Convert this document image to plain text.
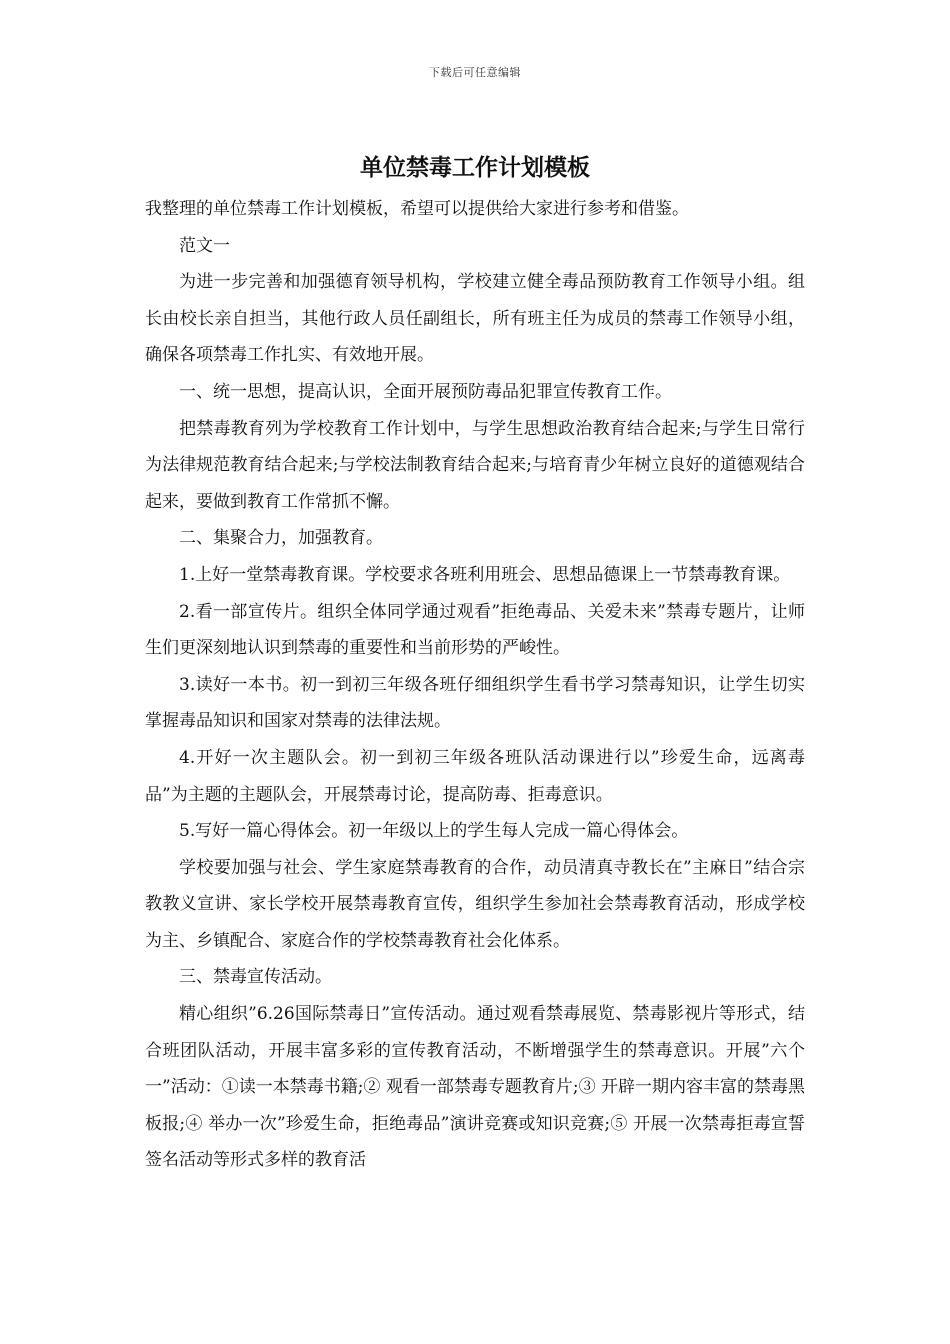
下载后可任意编辑
单位禁毒工作计划模板

我整理的单位禁毒工作计划模板，希望可以提供给大家进行参考和借鉴。

范文一

为进一步完善和加强德育领导机构，学校建立健全毒品预防教育工作领导小组。组长由校长亲自担当，其他行政人员任副组长，所有班主任为成员的禁毒工作领导小组，确保各项禁毒工作扎实、有效地开展。

一、统一思想，提高认识，全面开展预防毒品犯罪宣传教育工作。

把禁毒教育列为学校教育工作计划中，与学生思想政治教育结合起来;与学生日常行为法律规范教育结合起来;与学校法制教育结合起来;与培育青少年树立良好的道德观结合起来，要做到教育工作常抓不懈。

二、集聚合力，加强教育。

1.上好一堂禁毒教育课。学校要求各班利用班会、思想品德课上一节禁毒教育课。

2.看一部宣传片。组织全体同学通过观看”拒绝毒品、关爱未来”禁毒专题片，让师生们更深刻地认识到禁毒的重要性和当前形势的严峻性。

3.读好一本书。初一到初三年级各班仔细组织学生看书学习禁毒知识，让学生切实掌握毒品知识和国家对禁毒的法律法规。

4.开好一次主题队会。初一到初三年级各班队活动课进行以”珍爱生命，远离毒品”为主题的主题队会，开展禁毒讨论，提高防毒、拒毒意识。

5.写好一篇心得体会。初一年级以上的学生每人完成一篇心得体会。

学校要加强与社会、学生家庭禁毒教育的合作，动员清真寺教长在”主麻日”结合宗教教义宣讲、家长学校开展禁毒教育宣传，组织学生参加社会禁毒教育活动，形成学校为主、乡镇配合、家庭合作的学校禁毒教育社会化体系。

三、禁毒宣传活动。

精心组织”6.26国际禁毒日”宣传活动。通过观看禁毒展览、禁毒影视片等形式，结合班团队活动，开展丰富多彩的宣传教育活动，不断增强学生的禁毒意识。开展”六个一”活动：①读一本禁毒书籍;② 观看一部禁毒专题教育片;③ 开辟一期内容丰富的禁毒黑板报;④ 举办一次”珍爱生命，拒绝毒品”演讲竞赛或知识竞赛;⑤ 开展一次禁毒拒毒宣誓签名活动等形式多样的教育活
